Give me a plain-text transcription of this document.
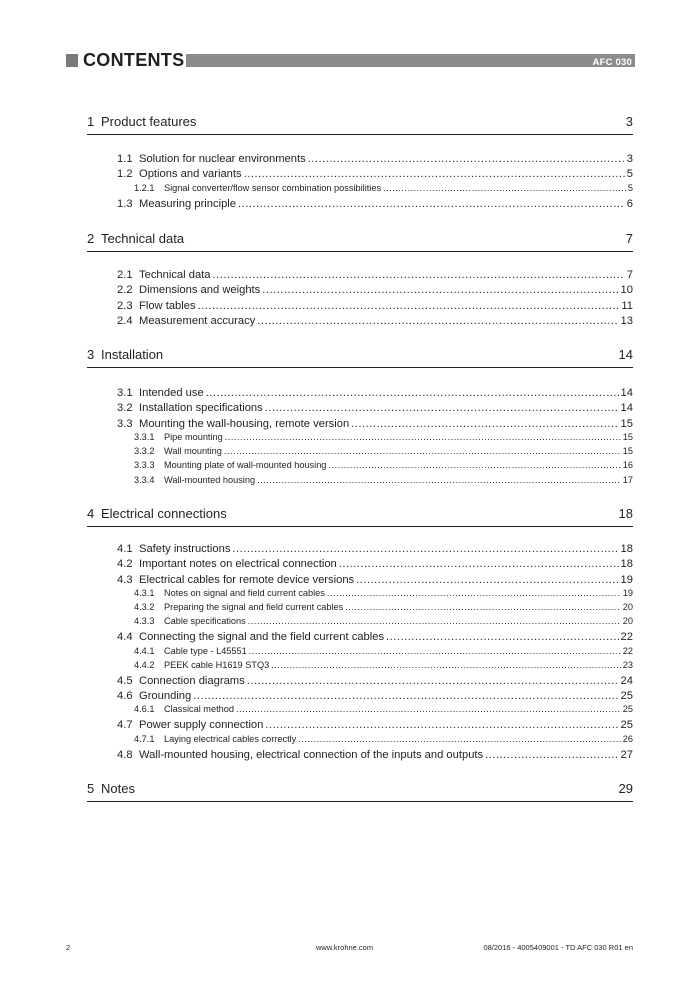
CONTENTS	AFC 030
1 Product features	3
1.1 Solution for nuclear environments .....	3
1.2 Options and variants .....	5
1.2.1	Signal converter/flow sensor combination possibilities .....	5
1.3 Measuring principle .....	6
2 Technical data	7
2.1 Technical data .....	7
2.2 Dimensions and weights .....	10
2.3 Flow tables .....	11
2.4 Measurement accuracy .....	13
3 Installation	14
3.1 Intended use .....	14
3.2 Installation specifications .....	14
3.3 Mounting the wall-housing, remote version .....	15
3.3.1	Pipe mounting .....	15
3.3.2	Wall mounting .....	15
3.3.3	Mounting plate of wall-mounted housing .....	16
3.3.4	Wall-mounted housing .....	17
4 Electrical connections	18
4.1 Safety instructions .....	18
4.2 Important notes on electrical connection .....	18
4.3 Electrical cables for remote device versions .....	19
4.3.1	Notes on signal and field current cables .....	19
4.3.2	Preparing the signal and field current cables .....	20
4.3.3	Cable specifications .....	20
4.4 Connecting the signal and the field current cables .....	22
4.4.1	Cable type - L45551 .....	22
4.4.2	PEEK cable H1619 STQ3 .....	23
4.5 Connection diagrams .....	24
4.6 Grounding .....	25
4.6.1	Classical method .....	25
4.7 Power supply connection .....	25
4.7.1	Laying electrical cables correctly .....	26
4.8 Wall-mounted housing, electrical connection of the inputs and outputs .....	27
5 Notes	29
2	www.krohne.com	08/2016 - 4005409001 - TD AFC 030 R01 en
